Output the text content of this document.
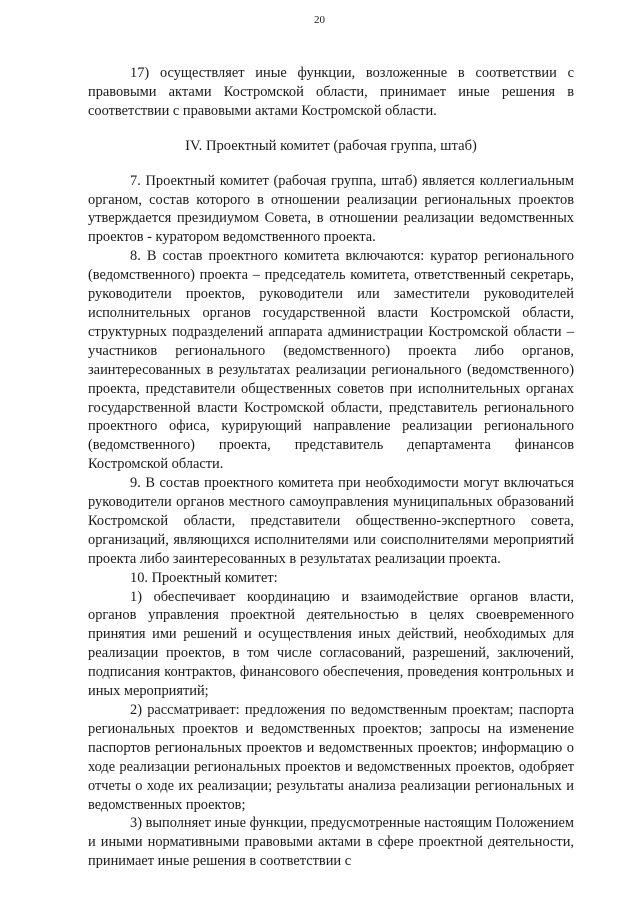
20

17) осуществляет иные функции, возложенные в соответствии с правовыми актами Костромской области, принимает иные решения в соответствии с правовыми актами Костромской области.

IV. Проектный комитет (рабочая группа, штаб)

7. Проектный комитет (рабочая группа, штаб) является коллегиальным органом, состав которого в отношении реализации региональных проектов утверждается президиумом Совета, в отношении реализации ведомственных проектов - куратором ведомственного проекта.

8. В состав проектного комитета включаются: куратор регионального (ведомственного) проекта – председатель комитета, ответственный секретарь, руководители проектов, руководители или заместители руководителей исполнительных органов государственной власти Костромской области, структурных подразделений аппарата администрации Костромской области – участников регионального (ведомственного) проекта либо органов, заинтересованных в результатах реализации регионального (ведомственного) проекта, представители общественных советов при исполнительных органах государственной власти Костромской области, представитель регионального проектного офиса, курирующий направление реализации регионального (ведомственного) проекта, представитель департамента финансов Костромской области.

9. В состав проектного комитета при необходимости могут включаться руководители органов местного самоуправления муниципальных образований Костромской области, представители общественно-экспертного совета, организаций, являющихся исполнителями или соисполнителями мероприятий проекта либо заинтересованных в результатах реализации проекта.

10. Проектный комитет:

1) обеспечивает координацию и взаимодействие органов власти, органов управления проектной деятельностью в целях своевременного принятия ими решений и осуществления иных действий, необходимых для реализации проектов, в том числе согласований, разрешений, заключений, подписания контрактов, финансового обеспечения, проведения контрольных и иных мероприятий;

2) рассматривает: предложения по ведомственным проектам; паспорта региональных проектов и ведомственных проектов; запросы на изменение паспортов региональных проектов и ведомственных проектов; информацию о ходе реализации региональных проектов и ведомственных проектов, одобряет отчеты о ходе их реализации; результаты анализа реализации региональных и ведомственных проектов;

3) выполняет иные функции, предусмотренные настоящим Положением и иными нормативными правовыми актами в сфере проектной деятельности, принимает иные решения в соответствии с
